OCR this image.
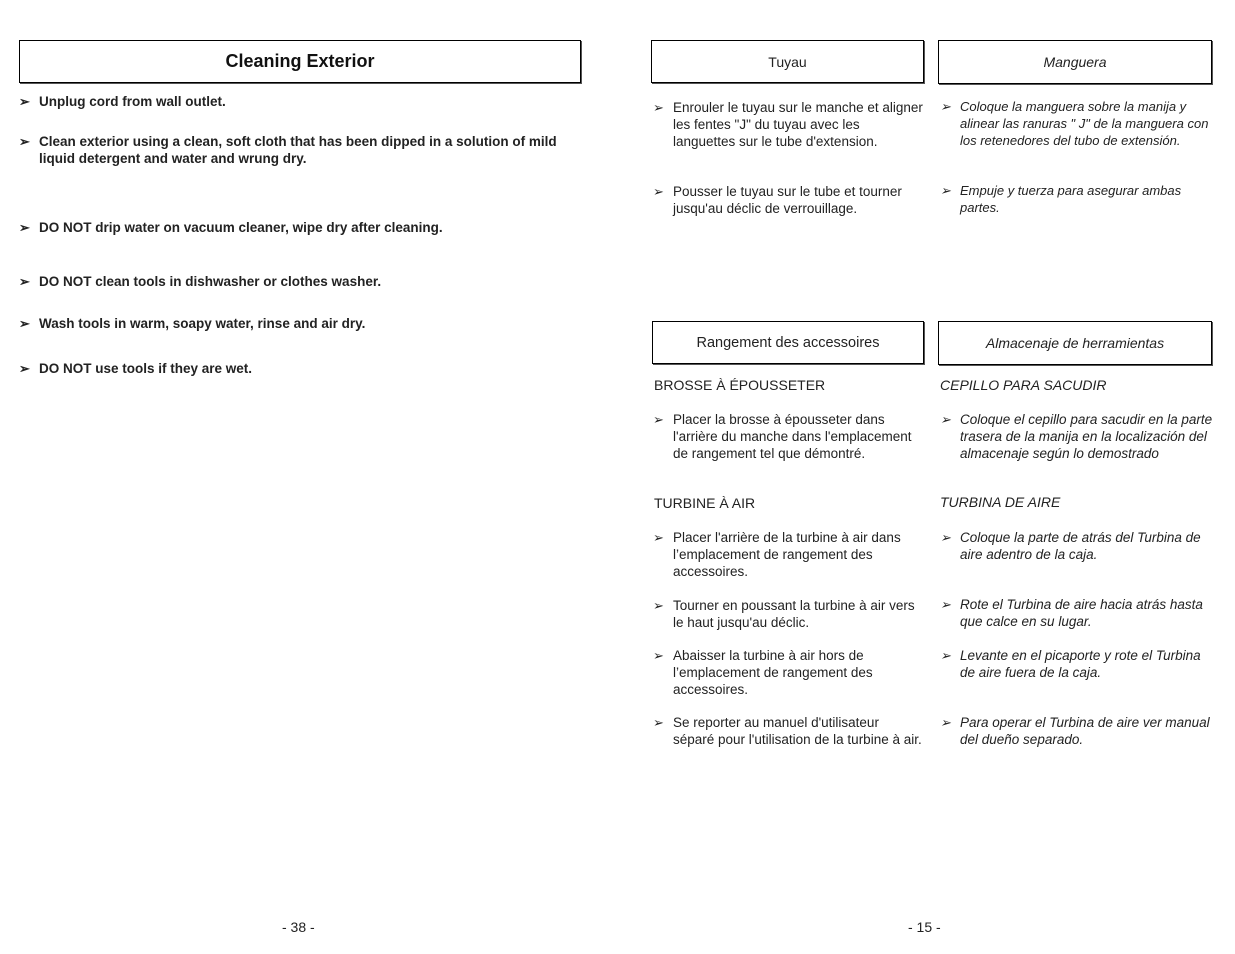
Cleaning Exterior
➢ Unplug cord from wall outlet.
➢ Clean exterior using a clean, soft cloth that has been dipped in a solution of mild liquid detergent and water and wrung dry.
➢ DO NOT drip water on vacuum cleaner, wipe dry after cleaning.
➢ DO NOT clean tools in dishwasher or clothes washer.
➢ Wash tools in warm, soapy water, rinse and air dry.
➢ DO NOT use tools if they are wet.
- 38 -
Tuyau
➢ Enrouler le tuyau sur le manche et aligner les fentes "J" du tuyau avec les languettes sur le tube d'extension.
➢ Pousser le tuyau sur le tube et tourner jusqu'au déclic de verrouillage.
Manguera
➢ Coloque la manguera sobre la manija y alinear las ranuras " J" de la manguera con los retenedores del tubo de extensión.
➢ Empuje y tuerza para asegurar ambas partes.
Rangement des accessoires
BROSSE À ÉPOUSSETER
➢ Placer la brosse à épousseter dans l'arrière du manche dans l'emplacement de rangement tel que démontré.
TURBINE À AIR
➢ Placer l'arrière de la turbine à air dans l’emplacement de rangement des accessoires.
➢ Tourner en poussant la turbine à air vers le haut jusqu'au déclic.
➢ Abaisser la turbine à air hors de l’emplacement de rangement des accessoires.
➢ Se reporter au manuel d'utilisateur séparé pour l'utilisation de la turbine à air.
Almacenaje de herramientas
CEPILLO PARA SACUDIR
➢ Coloque el cepillo para sacudir en la parte trasera de la manija en la localización del almacenaje según lo demostrado
TURBINA DE AIRE
➢ Coloque la parte de atrás del Turbina de aire adentro de la caja.
➢ Rote el Turbina de aire hacia atrás hasta que calce en su lugar.
➢ Levante en el picaporte y rote el Turbina de aire fuera de la caja.
➢ Para operar el Turbina de aire ver manual del dueño separado.
- 15 -
